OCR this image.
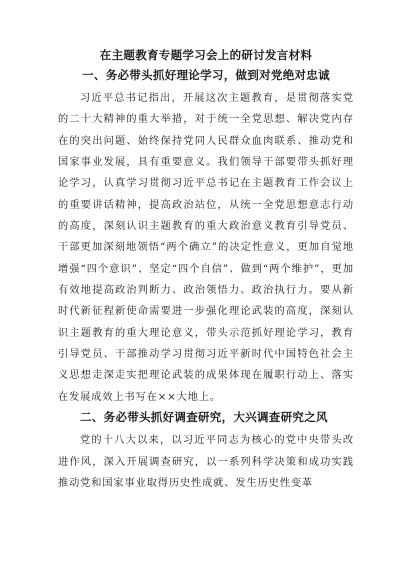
在主题教育专题学习会上的研讨发言材料
一、务必带头抓好理论学习，做到对党绝对忠诚

习近平总书记指出，开展这次主题教育，是贯彻落实党的二十大精神的重大举措，对于统一全党思想、解决党内存在的突出问题、始终保持党同人民群众血肉联系、推动党和国家事业发展，具有重要意义。我们领导干部要带头抓好理论学习，认真学习贯彻习近平总书记在主题教育工作会议上的重要讲话精神，提高政治站位，从统一全党思想意志行动的高度，深刻认识主题教育的重大政治意义教育引导党员、干部更加深刻地领悟“两个确立”的决定性意义，更加自觉地增强“四个意识”、坚定“四个自信”、做到“两个维护”，更加有效地提高政治判断力、政治领悟力、政治执行力。要从新时代新征程新使命需要进一步强化理论武装的高度，深刻认识主题教育的重大理论意义，带头示范抓好理论学习，教育引导党员、干部推动学习贯彻习近平新时代中国特色社会主义思想走深走实把理论武装的成果体现在履职行动上、落实在发展成效上书写在××大地上。

二、务必带头抓好调查研究，大兴调查研究之风

党的十八大以来，以习近平同志为核心的党中央带头改进作风，深入开展调查研究，以一系列科学决策和成功实践推动党和国家事业取得历史性成就、发生历史性变革
